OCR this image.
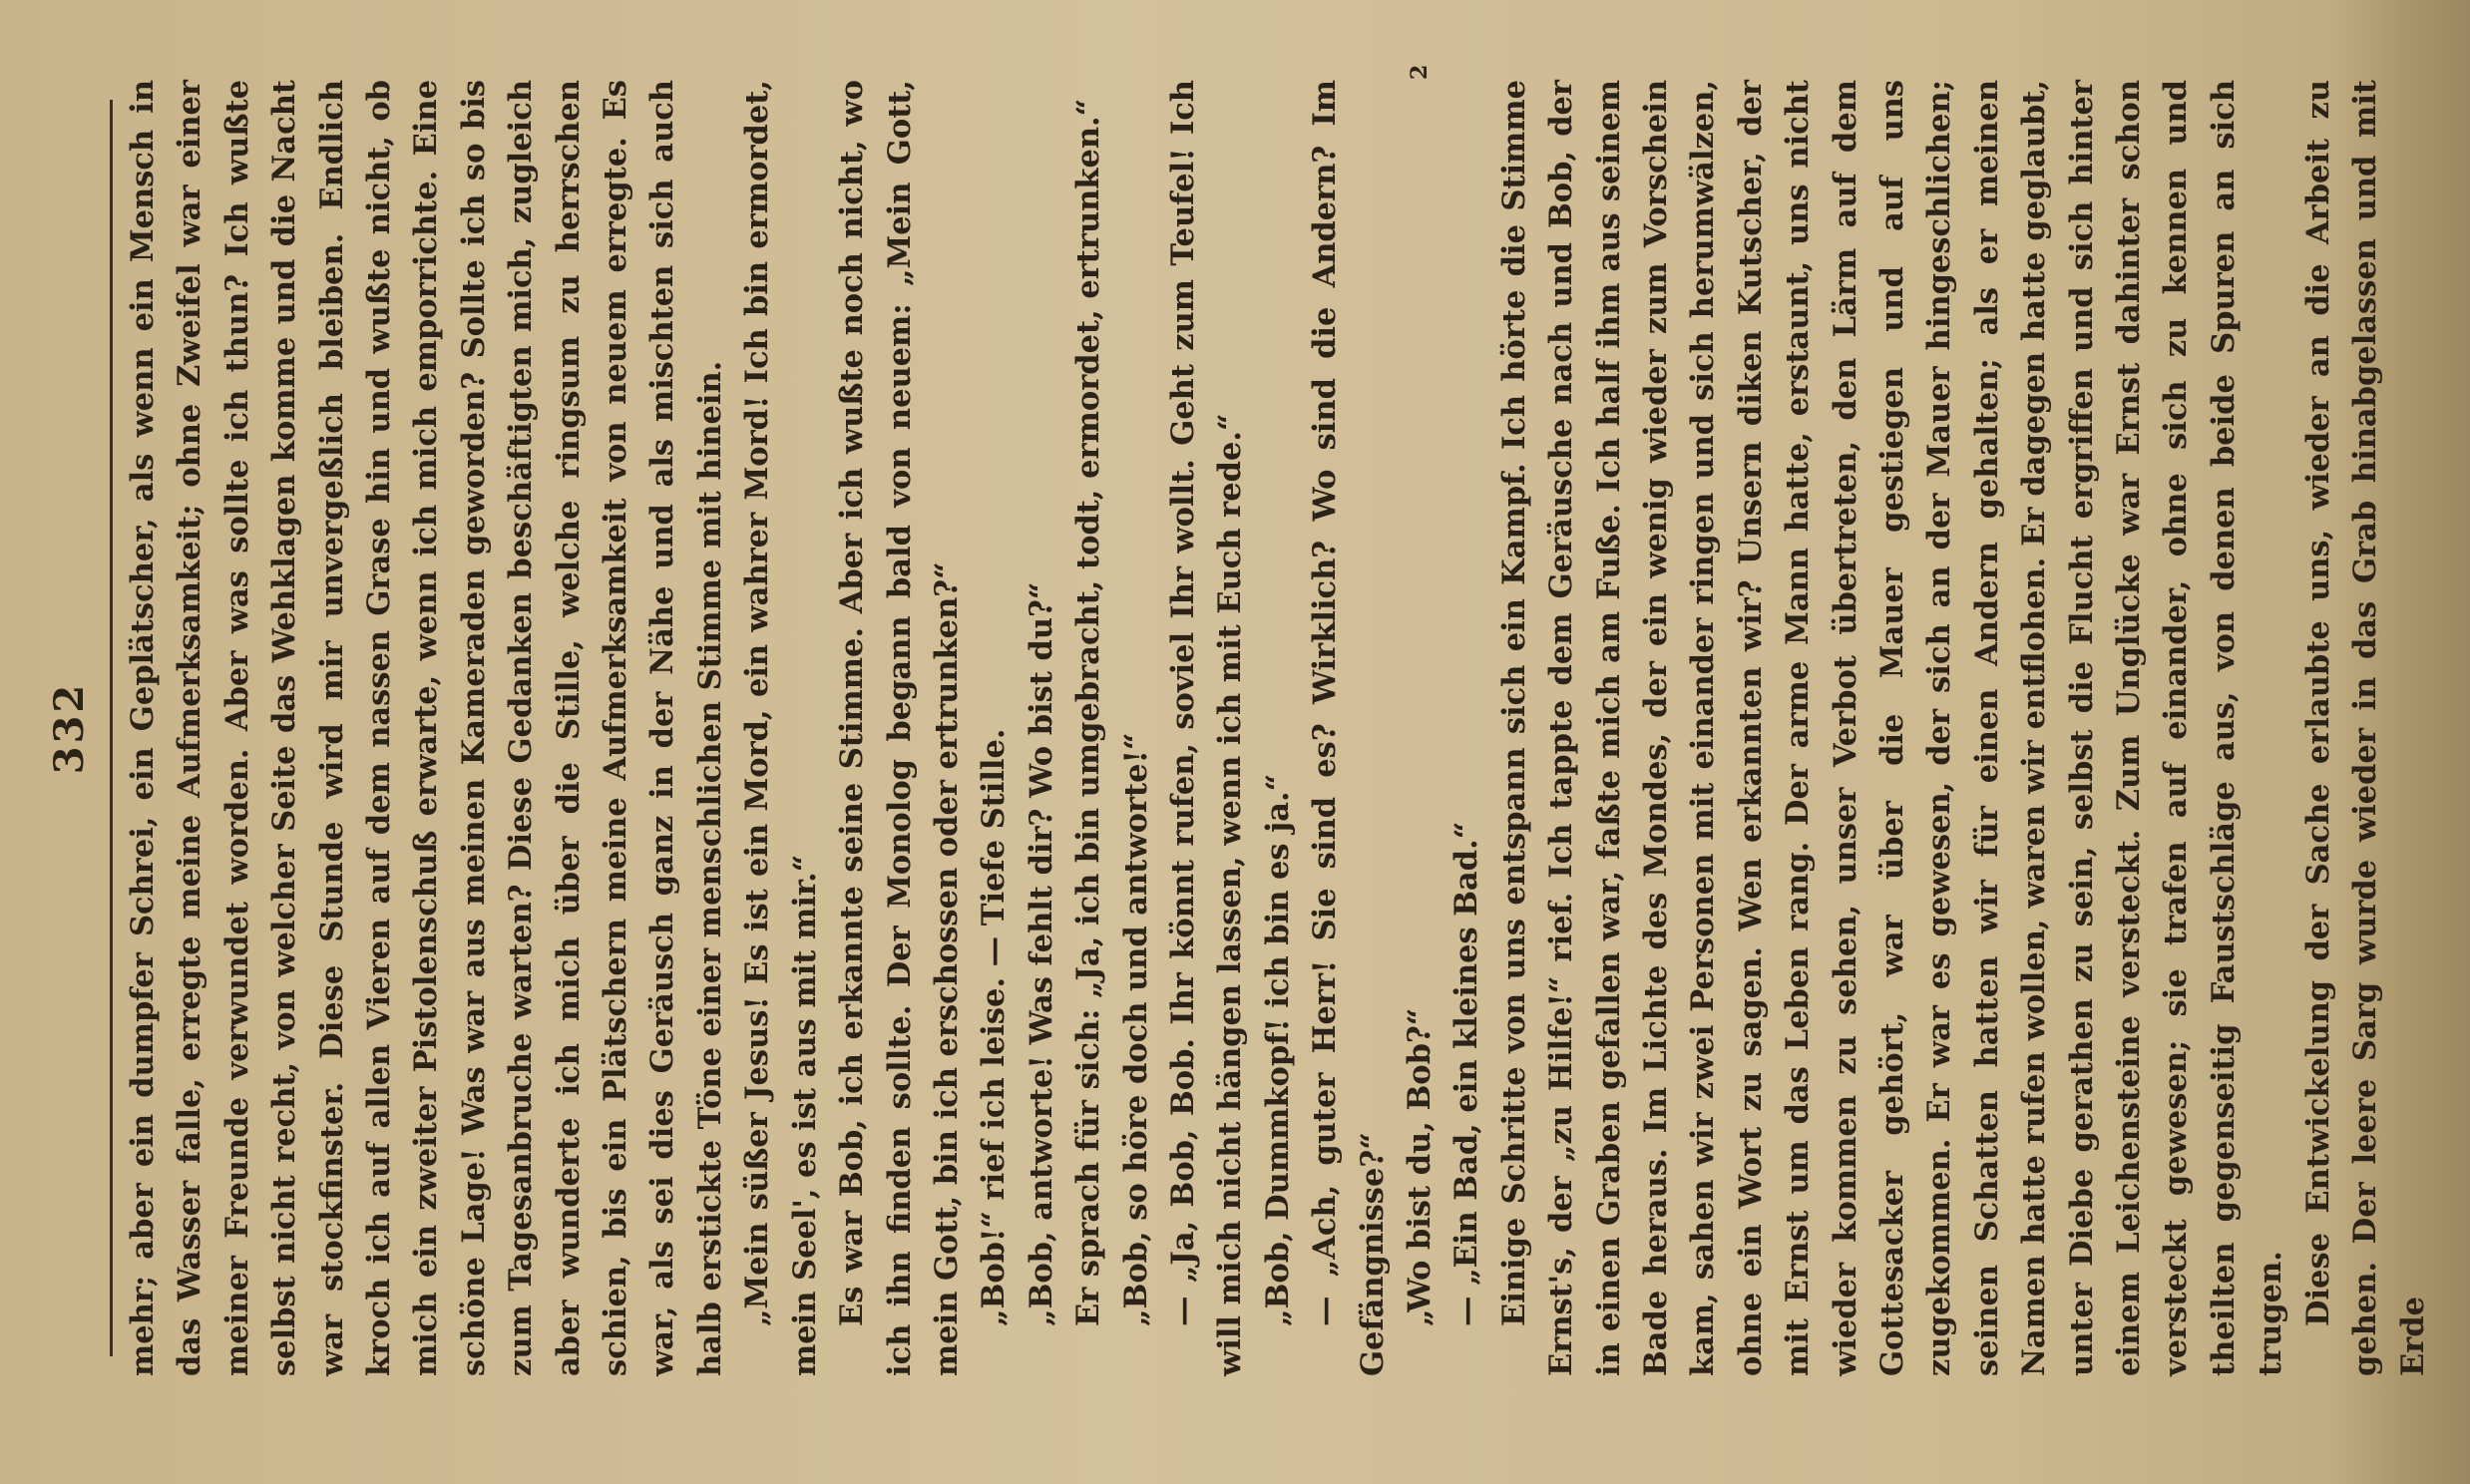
332 mehr; aber ein dumpfer Schrei, ein Geplätscher, als wenn ein Mensch in das Wasser falle, erregte meine Aufmerksamkeit; ohne Zweifel war einer meiner Freunde verwundet worden. Aber was sollte ich thun? Ich wußte selbst nicht recht, von welcher Seite das Wehklagen komme und die Nacht war stockfinster. Diese Stunde wird mir unvergeßlich bleiben. Endlich kroch ich auf allen Vieren auf dem nassen Grase hin und wußte nicht, ob mich ein zweiter Pistolenschuß erwarte, wenn ich mich emporrichte. Eine schöne Lage! Was war aus meinen Kameraden geworden? Sollte ich so bis zum Tagesanbruche warten? Diese Gedanken beschäftigten mich, zugleich aber wunderte ich mich über die Stille, welche ringsum zu herrschen schien, bis ein Plätschern meine Aufmerksamkeit von neuem erregte. Es war, als sei dies Geräusch ganz in der Nähe und als mischten sich auch halb erstickte Töne einer menschlichen Stimme mit hinein. „Mein süßer Jesus! Es ist ein Mord, ein wahrer Mord! Ich bin ermordet, mein Seel', es ist aus mit mir.“ Es war Bob, ich erkannte seine Stimme. Aber ich wußte noch nicht, wo ich ihn finden sollte. Der Monolog begann bald von neuem: „Mein Gott, mein Gott, bin ich erschossen oder ertrunken?“ „Bob!“ rief ich leise. — Tiefe Stille. „Bob, antworte! Was fehlt dir? Wo bist du?“ Er sprach für sich: „Ja, ich bin umgebracht, todt, ermordet, ertrunken.“ „Bob, so höre doch und antworte!“ — „Ja, Bob, Bob. Ihr könnt rufen, soviel Ihr wollt. Geht zum Teufel! Ich will mich nicht hängen lassen, wenn ich mit Euch rede.“ „Bob, Dummkopf! ich bin es ja.“ — „Ach, guter Herr! Sie sind es? Wirklich? Wo sind die Andern? Im Gefängnisse?“ „Wo bist du, Bob?“ — „Ein Bad, ein kleines Bad.“ Einige Schritte von uns entspann sich ein Kampf. Ich hörte die Stimme Ernst's, der „zu Hilfe!“ rief. Ich tappte dem Geräusche nach und Bob, der in einen Graben gefallen war, faßte mich am Fuße. Ich half ihm aus seinem Bade heraus. Im Lichte des Mondes, der ein wenig wieder zum Vorschein kam, sahen wir zwei Personen mit einander ringen und sich herumwälzen, ohne ein Wort zu sagen. Wen erkannten wir? Unsern diken Kutscher, der mit Ernst um das Leben rang. Der arme Mann hatte, erstaunt, uns nicht wieder kommen zu sehen, unser Verbot übertreten, den Lärm auf dem Gottesacker gehört, war über die Mauer gestiegen und auf uns zugekommen. Er war es gewesen, der sich an der Mauer hingeschlichen; seinen Schatten hatten wir für einen Andern gehalten; als er meinen Namen hatte rufen wollen, waren wir entflohen. Er dagegen hatte geglaubt, unter Diebe gerathen zu sein, selbst die Flucht ergriffen und sich hinter einem Leichensteine versteckt. Zum Unglücke war Ernst dahinter schon versteckt gewesen; sie trafen auf einander, ohne sich zu kennen und theilten gegenseitig Faustschläge aus, von denen beide Spuren an sich trugen. Diese Entwickelung der Sache erlaubte uns, wieder an die Arbeit zu gehen. Der leere Sarg wurde wieder in das Grab hinabgelassen und mit Erde

2
